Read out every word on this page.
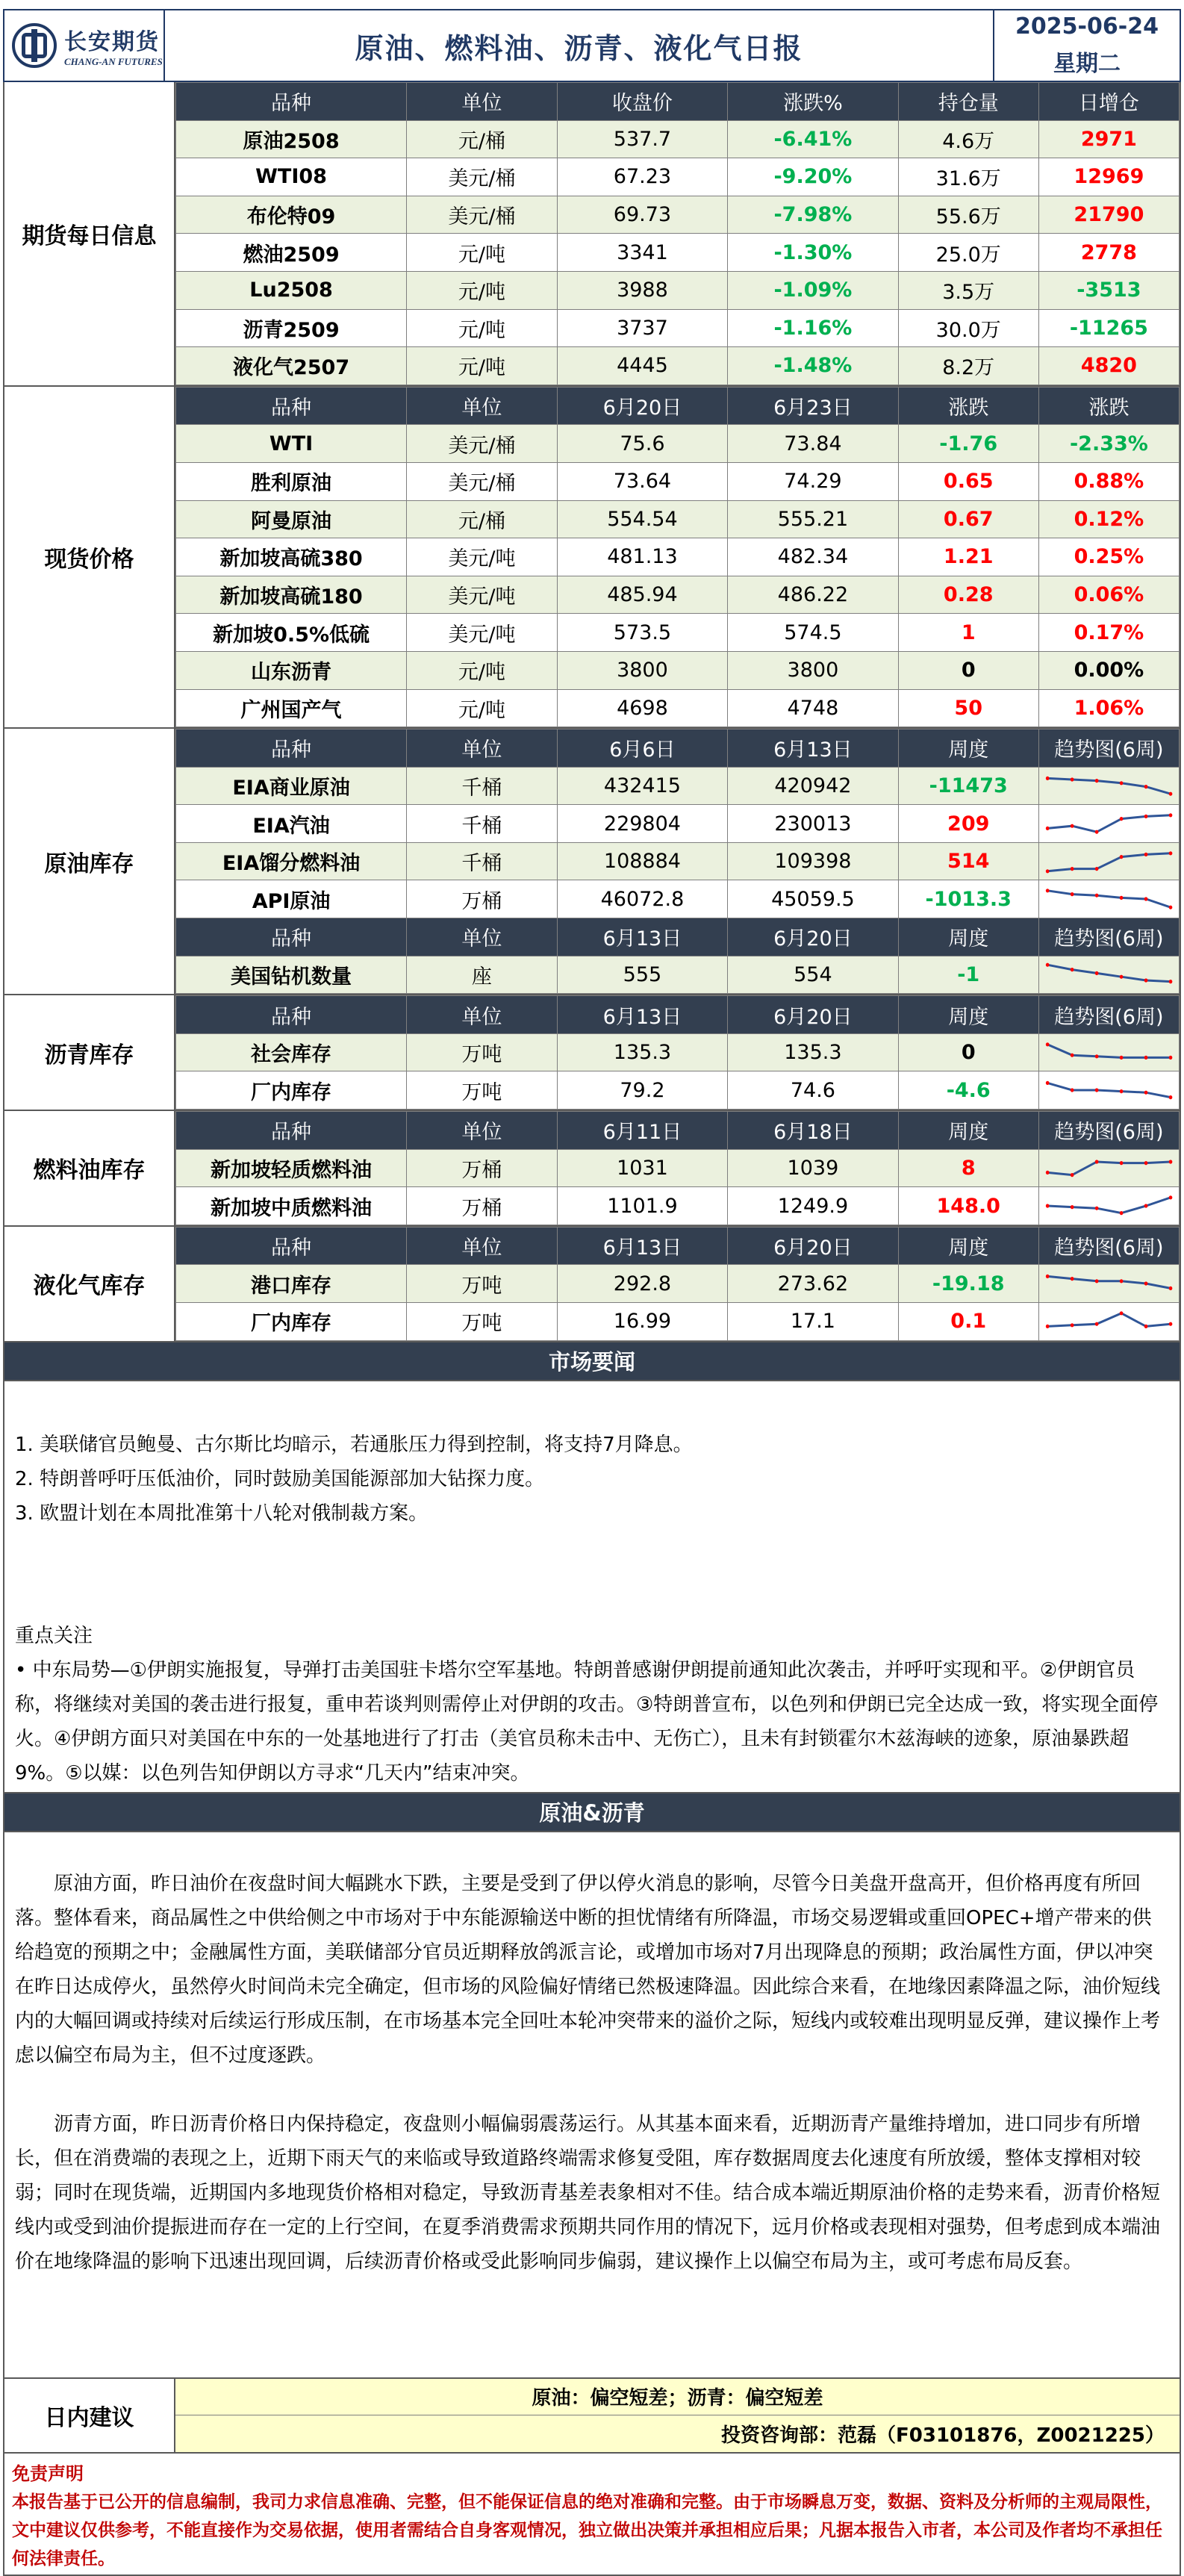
长安期货
CHANG-AN FUTURES	原油、燃料油、沥青、液化气日报
2025-06-24
星期二
期货每日信息
品种	单位	收盘价	涨跌%	持仓量	日增仓
原油2508	元/桶	537.7	-6.41%	4.6万	2971
WTI08	美元/桶	67.23	-9.20%	31.6万	12969
布伦特09	美元/桶	69.73	-7.98%	55.6万	21790
燃油2509	元/吨	3341	-1.30%	25.0万	2778
Lu2508	元/吨	3988	-1.09%	3.5万	-3513
沥青2509	元/吨	3737	-1.16%	30.0万	-11265
液化气2507	元/吨	4445	-1.48%	8.2万	4820
现货价格
品种	单位	6月20日	6月23日	涨跌	涨跌
WTI	美元/桶	75.6	73.84	-1.76	-2.33%
胜利原油	美元/桶	73.64	74.29	0.65	0.88%
阿曼原油	元/桶	554.54	555.21	0.67	0.12%
新加坡高硫380	美元/吨	481.13	482.34	1.21	0.25%
新加坡高硫180	美元/吨	485.94	486.22	0.28	0.06%
新加坡0.5%低硫	美元/吨	573.5	574.5	1	0.17%
山东沥青	元/吨	3800	3800	0	0.00%
广州国产气	元/吨	4698	4748	50	1.06%
原油库存
品种	单位	6月6日	6月13日	周度	趋势图(6周)
EIA商业原油	千桶	432415	420942	-11473	

EIA汽油	千桶	229804	230013	209	

EIA馏分燃料油	千桶	108884	109398	514	

API原油	万桶	46072.8	45059.5	-1013.3	

品种	单位	6月13日	6月20日	周度	趋势图(6周)
美国钻机数量	座	555	554	-1	
沥青库存
品种	单位	6月13日	6月20日	周度	趋势图(6周)
社会库存	万吨	135.3	135.3	0	

厂内库存	万吨	79.2	74.6	-4.6	
燃料油库存
品种	单位	6月11日	6月18日	周度	趋势图(6周)
新加坡轻质燃料油	万桶	1031	1039	8	

新加坡中质燃料油	万桶	1101.9	1249.9	148.0	
液化气库存
品种	单位	6月13日	6月20日	周度	趋势图(6周)
港口库存	万吨	292.8	273.62	-19.18	

厂内库存	万吨	16.99	17.1	0.1	
市场要闻
1. 美联储官员鲍曼、古尔斯比均暗示，若通胀压力得到控制，将支持7月降息。
2. 特朗普呼吁压低油价，同时鼓励美国能源部加大钻探力度。
3. 欧盟计划在本周批准第十八轮对俄制裁方案。
重点关注
• 中东局势—①伊朗实施报复，导弹打击美国驻卡塔尔空军基地。特朗普感谢伊朗提前通知此次袭击，并呼吁实现和平。②伊朗官员称，将继续对美国的袭击进行报复，重申若谈判则需停止对伊朗的攻击。③特朗普宣布，以色列和伊朗已完全达成一致，将实现全面停火。④伊朗方面只对美国在中东的一处基地进行了打击（美官员称未击中、无伤亡），且未有封锁霍尔木兹海峡的迹象，原油暴跌超9%。⑤以媒：以色列告知伊朗以方寻求“几天内”结束冲突。
原油&沥青

原油方面，昨日油价在夜盘时间大幅跳水下跌，主要是受到了伊以停火消息的影响，尽管今日美盘开盘高开，但价格再度有所回落。整体看来，商品属性之中供给侧之中市场对于中东能源输送中断的担忧情绪有所降温，市场交易逻辑或重回OPEC+增产带来的供给趋宽的预期之中；金融属性方面，美联储部分官员近期释放鸽派言论，或增加市场对7月出现降息的预期；政治属性方面，伊以冲突在昨日达成停火，虽然停火时间尚未完全确定，但市场的风险偏好情绪已然极速降温。因此综合来看，在地缘因素降温之际，油价短线内的大幅回调或持续对后续运行形成压制，在市场基本完全回吐本轮冲突带来的溢价之际，短线内或较难出现明显反弹，建议操作上考虑以偏空布局为主，但不过度逐跌。

沥青方面，昨日沥青价格日内保持稳定，夜盘则小幅偏弱震荡运行。从其基本面来看，近期沥青产量维持增加，进口同步有所增长，但在消费端的表现之上，近期下雨天气的来临或导致道路终端需求修复受阻，库存数据周度去化速度有所放缓，整体支撑相对较弱；同时在现货端，近期国内多地现货价格相对稳定，导致沥青基差表象相对不佳。结合成本端近期原油价格的走势来看，沥青价格短线内或受到油价提振进而存在一定的上行空间，在夏季消费需求预期共同作用的情况下，远月价格或表现相对强势，但考虑到成本端油价在地缘降温的影响下迅速出现回调，后续沥青价格或受此影响同步偏弱，建议操作上以偏空布局为主，或可考虑布局反套。

日内建议
原油：偏空短差；沥青：偏空短差
投资咨询部：范磊（F03101876，Z0021225）
免责声明
本报告基于已公开的信息编制，我司力求信息准确、完整，但不能保证信息的绝对准确和完整。由于市场瞬息万变，数据、资料及分析师的主观局限性，文中建议仅供参考，不能直接作为交易依据，使用者需结合自身客观情况，独立做出决策并承担相应后果；凡据本报告入市者，本公司及作者均不承担任何法律责任。
